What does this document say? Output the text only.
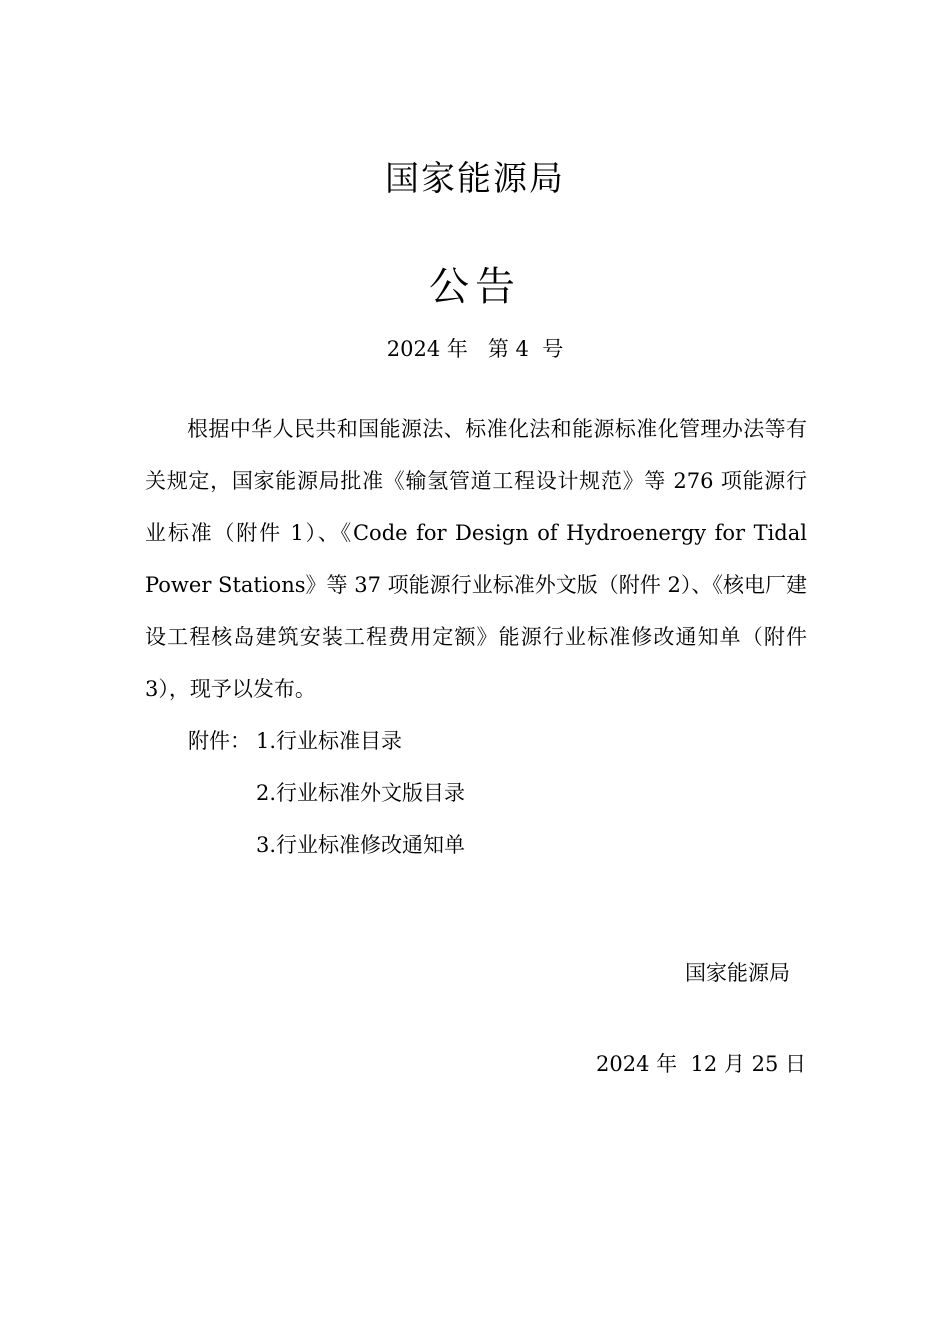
国家能源局
公告
2024 年   第 4  号

根据中华人民共和国能源法、标准化法和能源标准化管理办法等有关规定，国家能源局批准《输氢管道工程设计规范》等 276 项能源行业标准（附件 1）、《Code for Design of Hydroenergy for Tidal Power Stations》等 37 项能源行业标准外文版（附件 2）、《核电厂建设工程核岛建筑安装工程费用定额》能源行业标准修改通知单（附件 3），现予以发布。

附件： 1.行业标准目录
2.行业标准外文版目录
3.行业标准修改通知单
国家能源局
2024 年  12 月 25 日
